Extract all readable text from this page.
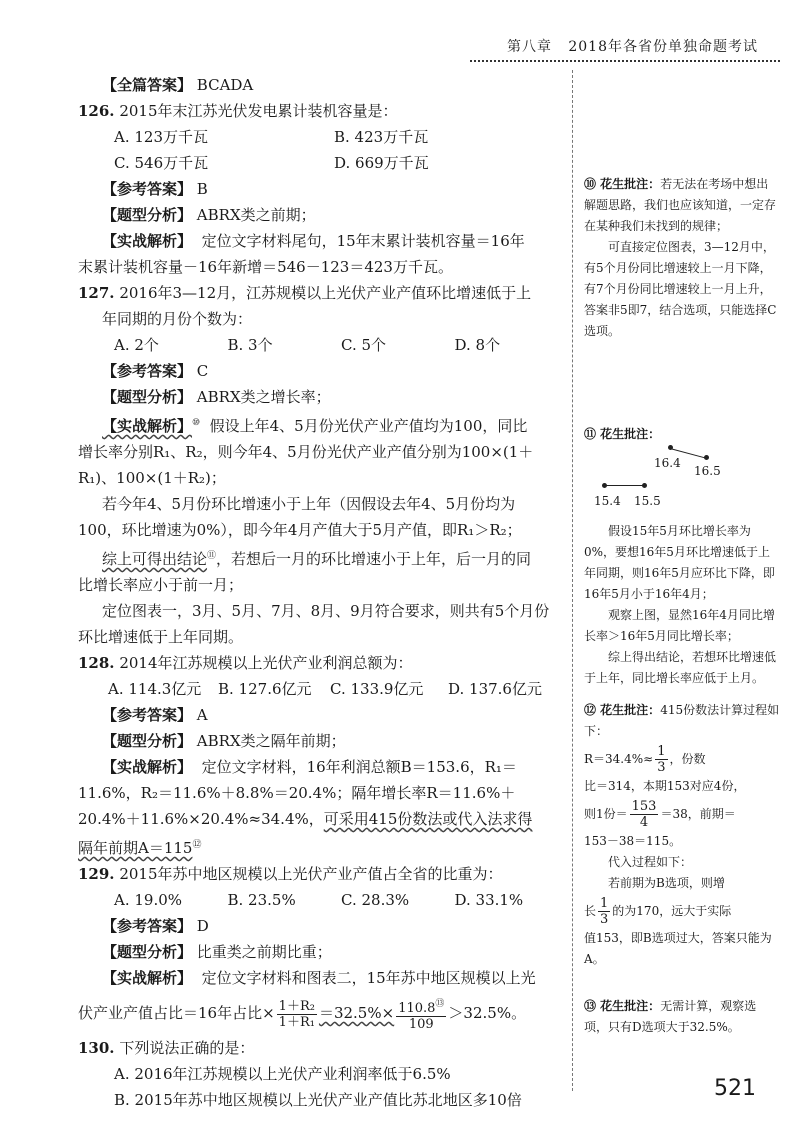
第八章 2018年各省份单独命题考试

【全篇答案】 BCADA

126. 2015年末江苏光伏发电累计装机容量是：

A. 123万千瓦	B. 423万千瓦
C. 546万千瓦	D. 669万千瓦

【参考答案】 B

【题型分析】 ABRX类之前期；

【实战解析】 定位文字材料尾句，15年末累计装机容量＝16年

末累计装机容量－16年新增＝546－123＝423万千瓦。

127. 2016年3—12月，江苏规模以上光伏产业产值环比增速低于上

年同期的月份个数为：

A. 2个	B. 3个	C. 5个	D. 8个

【参考答案】 C

【题型分析】 ABRX类之增长率；

【实战解析】⑩ 假设上年4、5月份光伏产业产值均为100，同比

增长率分别R₁、R₂，则今年4、5月份光伏产业产值分别为100×(1＋

R₁)、100×(1＋R₂)；

若今年4、5月份环比增速小于上年（因假设去年4、5月份均为

100，环比增速为0%），即今年4月产值大于5月产值，即R₁＞R₂；

综上可得出结论⑪，若想后一月的环比增速小于上年，后一月的同

比增长率应小于前一月；

定位图表一，3月、5月、7月、8月、9月符合要求，则共有5个月份

环比增速低于上年同期。

128. 2014年江苏规模以上光伏产业利润总额为：

A. 114.3亿元	B. 127.6亿元	C. 133.9亿元	D. 137.6亿元

【参考答案】 A

【题型分析】 ABRX类之隔年前期；

【实战解析】 定位文字材料，16年利润总额B＝153.6，R₁＝

11.6%，R₂＝11.6%＋8.8%＝20.4%；隔年增长率R＝11.6%＋

20.4%＋11.6%×20.4%≈34.4%，可采用415份数法或代入法求得

隔年前期A＝115⑫

129. 2015年苏中地区规模以上光伏产业产值占全省的比重为：

A. 19.0%	B. 23.5%	C. 28.3%	D. 33.1%

【参考答案】 D

【题型分析】 比重类之前期比重；

【实战解析】 定位文字材料和图表二，15年苏中地区规模以上光

伏产业产值占比＝16年占比× $\frac{\text{1＋R₂}}{\text{1＋R₁}} =32.5\%\times \frac{110.8^⑬}{109} >32.5\%$。

130. 下列说法正确的是：

A. 2016年江苏规模以上光伏产业利润率低于6.5%

B. 2015年苏中地区规模以上光伏产业产值比苏北地区多10倍

⑩ 花生批注：若无法在考场中想出解题思路，我们也应该知道，一定存在某种我们未找到的规律；

可直接定位图表，3—12月中，有5个月份同比增速较上一月下降，有7个月份同比增速较上一月上升，答案非5即7，结合选项，只能选择C选项。

⑪ 花生批注：

16.4
16.5
15.4 15.5

假设15年5月环比增长率为0%，要想16年5月环比增速低于上年同期，则16年5月应环比下降，即16年5月小于16年4月；

观察上图，显然16年4月同比增长率＞16年5月同比增长率；

综上得出结论，若想环比增速低于上年，同比增长率应低于上月。

⑫ 花生批注：415份数法计算过程如下：

$R=34.4\%\approx \frac{1}{3}$ ，份数

比＝314，本期153对应4份，

则1份＝ $\frac{153}{4} =38$，前期＝

153－38＝115。

代入过程如下：

若前期为B选项，则增

长 $\frac{1}{3}$ 的为170，远大于实际

值153，即B选项过大，答案只能为A。

⑬ 花生批注：无需计算，观察选项，只有D选项大于32.5%。

521
